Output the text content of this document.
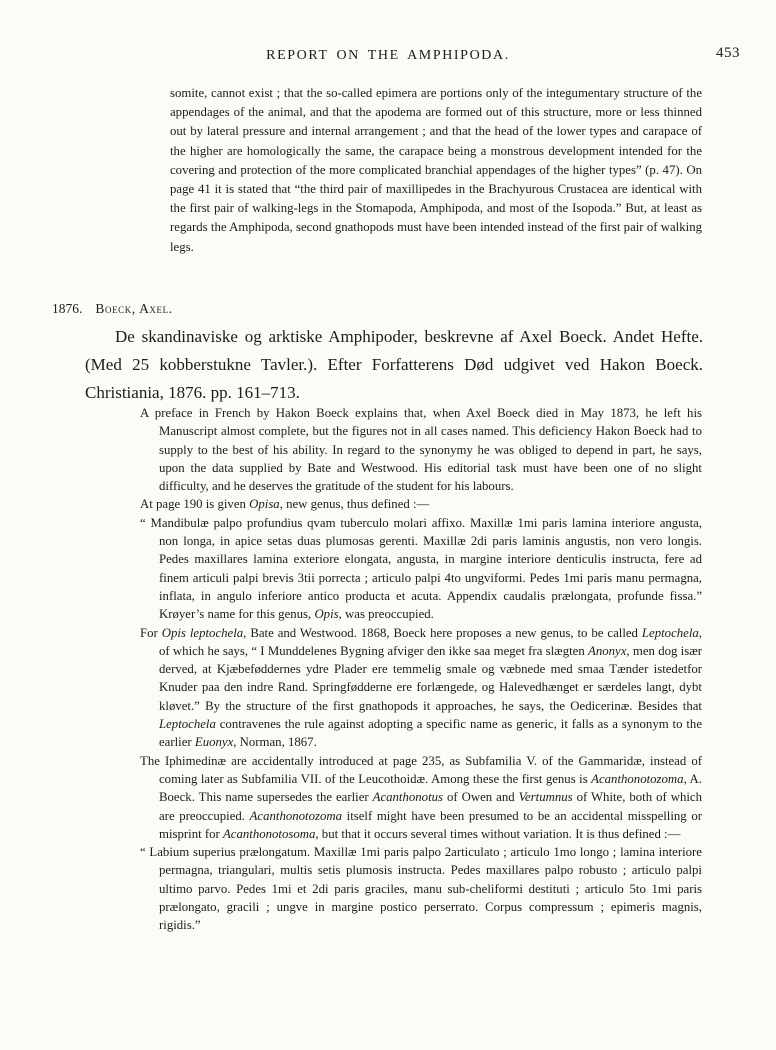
REPORT ON THE AMPHIPODA.	453

somite, cannot exist ; that the so-called epimera are portions only of the integumentary structure of the appendages of the animal, and that the apodema are formed out of this structure, more or less thinned out by lateral pressure and internal arrangement ; and that the head of the lower types and carapace of the higher are homologically the same, the carapace being a monstrous development intended for the covering and protection of the more complicated branchial appendages of the higher types” (p. 47). On page 41 it is stated that “the third pair of maxillipedes in the Brachyurous Crustacea are identical with the first pair of walking-legs in the Stomapoda, Amphipoda, and most of the Isopoda.” But, at least as regards the Amphipoda, second gnathopods must have been intended instead of the first pair of walking legs.

1876. Boeck, Axel.

De skandinaviske og arktiske Amphipoder, beskrevne af Axel Boeck. Andet Hefte. (Med 25 kobberstukne Tavler.). Efter Forfatterens Død udgivet ved Hakon Boeck. Christiania, 1876. pp. 161–713.

A preface in French by Hakon Boeck explains that, when Axel Boeck died in May 1873, he left his Manuscript almost complete, but the figures not in all cases named. This deficiency Hakon Boeck had to supply to the best of his ability. In regard to the synonymy he was obliged to depend in part, he says, upon the data supplied by Bate and Westwood. His editorial task must have been one of no slight difficulty, and he deserves the gratitude of the student for his labours.

At page 190 is given Opisa, new genus, thus defined :—

“ Mandibulæ palpo profundius qvam tuberculo molari affixo. Maxillæ 1mi paris lamina interiore angusta, non longa, in apice setas duas plumosas gerenti. Maxillæ 2di paris laminis angustis, non vero longis. Pedes maxillares lamina exteriore elongata, angusta, in margine interiore denticulis instructa, fere ad finem articuli palpi brevis 3tii porrecta ; articulo palpi 4to ungviformi. Pedes 1mi paris manu permagna, inflata, in angulo inferiore antico producta et acuta. Appendix caudalis prælongata, profunde fissa.” Krøyer’s name for this genus, Opis, was preoccupied.

For Opis leptochela, Bate and Westwood. 1868, Boeck here proposes a new genus, to be called Leptochela, of which he says, “ I Munddelenes Bygning afviger den ikke saa meget fra slægten Anonyx, men dog især derved, at Kjæbeføddernes ydre Plader ere temmelig smale og væbnede med smaa Tænder istedetfor Knuder paa den indre Rand. Springfødderne ere forlængede, og Halevedhænget er særdeles langt, dybt kløvet.” By the structure of the first gnathopods it approaches, he says, the Oedicerinæ. Besides that Leptochela contravenes the rule against adopting a specific name as generic, it falls as a synonym to the earlier Euonyx, Norman, 1867.

The Iphimedinæ are accidentally introduced at page 235, as Subfamilia V. of the Gammaridæ, instead of coming later as Subfamilia VII. of the Leucothoidæ. Among these the first genus is Acanthonotozoma, A. Boeck. This name supersedes the earlier Acanthonotus of Owen and Vertumnus of White, both of which are preoccupied. Acanthonotozoma itself might have been presumed to be an accidental misspelling or misprint for Acanthonotosoma, but that it occurs several times without variation. It is thus defined :—

“ Labium superius prælongatum. Maxillæ 1mi paris palpo 2articulato ; articulo 1mo longo ; lamina interiore permagna, triangulari, multis setis plumosis instructa. Pedes maxillares palpo robusto ; articulo palpi ultimo parvo. Pedes 1mi et 2di paris graciles, manu sub-cheliformi destituti ; articulo 5to 1mi paris prælongato, gracili ; ungve in margine postico perserrato. Corpus compressum ; epimeris magnis, rigidis.”
